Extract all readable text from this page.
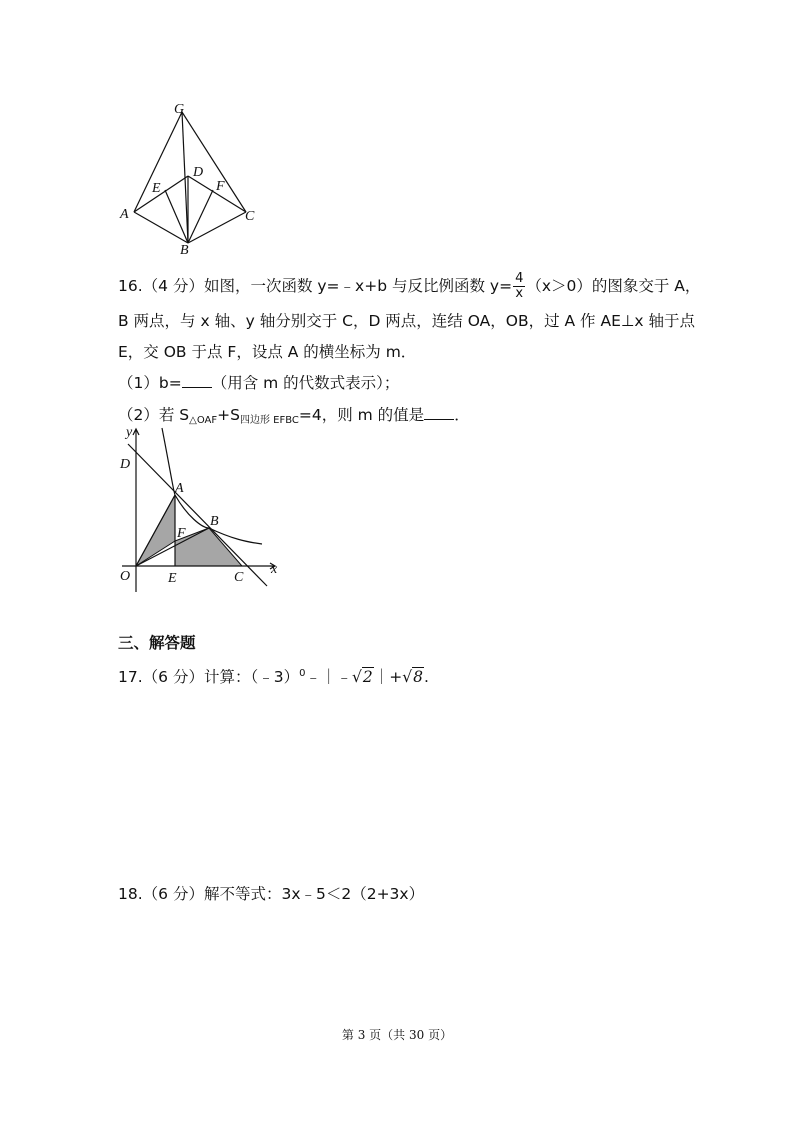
G
E
D
F
A	C
B
16.（4 分）如图，一次函数 y=﹣x+b 与反比例函数 $y= \frac{4}{x} (x>0)$的图象交于 A，
B 两点，与 x 轴、y 轴分别交于 C，D 两点，连结 OA，OB，过 A 作 AE⊥x 轴于点
E，交 OB 于点 F，设点 A 的横坐标为 m．
（1）b= （用含 m 的代数式表示）；
（2）若 $S_{\triangle OAF}+S_{四边形 EFBC}=4$，则 m 的值是 ．
y
D
A
B
F
O	E	C
x
三、解答题
17.（6 分）计算：（﹣3）$^0$﹣｜﹣√2｜+√8.
18.（6 分）解不等式：3x﹣5＜2（2+3x）
第 3 页（共 30 页）
